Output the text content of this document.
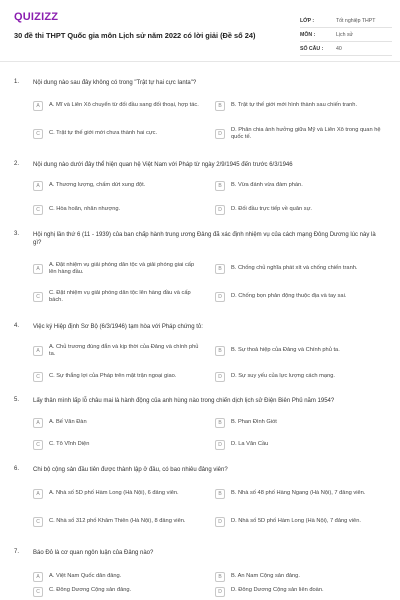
QUIZIZZ
30 đề thi THPT Quốc gia môn Lịch sử năm 2022 có lời giải (Đề số 24)
LỚP :	Tốt nghiệp THPT
MÔN :	Lịch sử
SỐ CÂU :	40
1. Nội dung nào sau đây không có trong "Trật tự hai cực Ianta"?
A	A. Mĩ và Liên Xô chuyển từ đối đầu sang đối thoại, hợp tác.	B	B. Trật tự thế giới mới hình thành sau chiến tranh.
C	C. Trật tự thế giới mới chưa thành hai cực.	D
D. Phân chia ảnh hưởng giữa Mỹ và Liên Xô trong quan hệ quốc tế.
2. Nội dung nào dưới đây thể hiện quan hệ Việt Nam với Pháp từ ngày 2/9/1945 đến trước 6/3/1946
A	A. Thương lượng, chấm dứt xung đột.	B	B. Vừa đánh vừa đàm phán.
C	C. Hòa hoãn, nhân nhượng.	D	D. Đối đầu trực tiếp về quân sự.
3. Hội nghị lần thứ 6 (11 - 1939) của ban chấp hành trung ương Đảng đã xác định nhiệm vụ của cách mạng Đông Dương lúc này là gì?
A
A. Đặt nhiệm vụ giải phóng dân tộc và giải phóng giai cấp lên hàng đầu.	B	B. Chống chủ nghĩa phát xít và chống chiến tranh.
C
C. Đặt nhiệm vụ giải phóng dân tộc lên hàng đầu và cấp bách.	D	D. Chống bọn phản động thuộc địa và tay sai.
4. Việc ký Hiệp định Sơ Bộ (6/3/1946) tạm hòa với Pháp chứng tỏ:
A
A. Chủ trương đúng đắn và kịp thời của Đảng và chính phủ ta.	B	B. Sự thoả hiệp của Đảng và Chính phủ ta.
C	C. Sự thắng lợi của Pháp trên mặt trận ngoại giao.	D	D. Sự suy yếu của lực lượng cách mạng.
5. Lấy thân mình lấp lỗ châu mai là hành động của anh hùng nào trong chiến dịch lịch sử Điện Biên Phủ năm 1954?
A	A. Bế Văn Đàn	B	B. Phan Đình Giót
C	C. Tô Vĩnh Diện	D	D. La Văn Cầu
6. Chi bộ cộng sản đầu tiên được thành lập ở đâu, có bao nhiêu đảng viên?
A	A. Nhà số 5D phố Hàm Long (Hà Nội), 6 đảng viên.	B	B. Nhà số 48 phố Hàng Ngang (Hà Nội), 7 đảng viên.
C	C. Nhà số 312 phố Khâm Thiên (Hà Nội), 8 đảng viên.	D	D. Nhà số 5D phố Hàm Long (Hà Nội), 7 đảng viên.
7. Báo Đỏ là cơ quan ngôn luận của Đảng nào?
A	A. Việt Nam Quốc dân đảng.	B	B. An Nam Cộng sản đảng.
C	C. Đông Dương Cộng sản đảng.	D	D. Đông Dương Cộng sản liên đoàn.
